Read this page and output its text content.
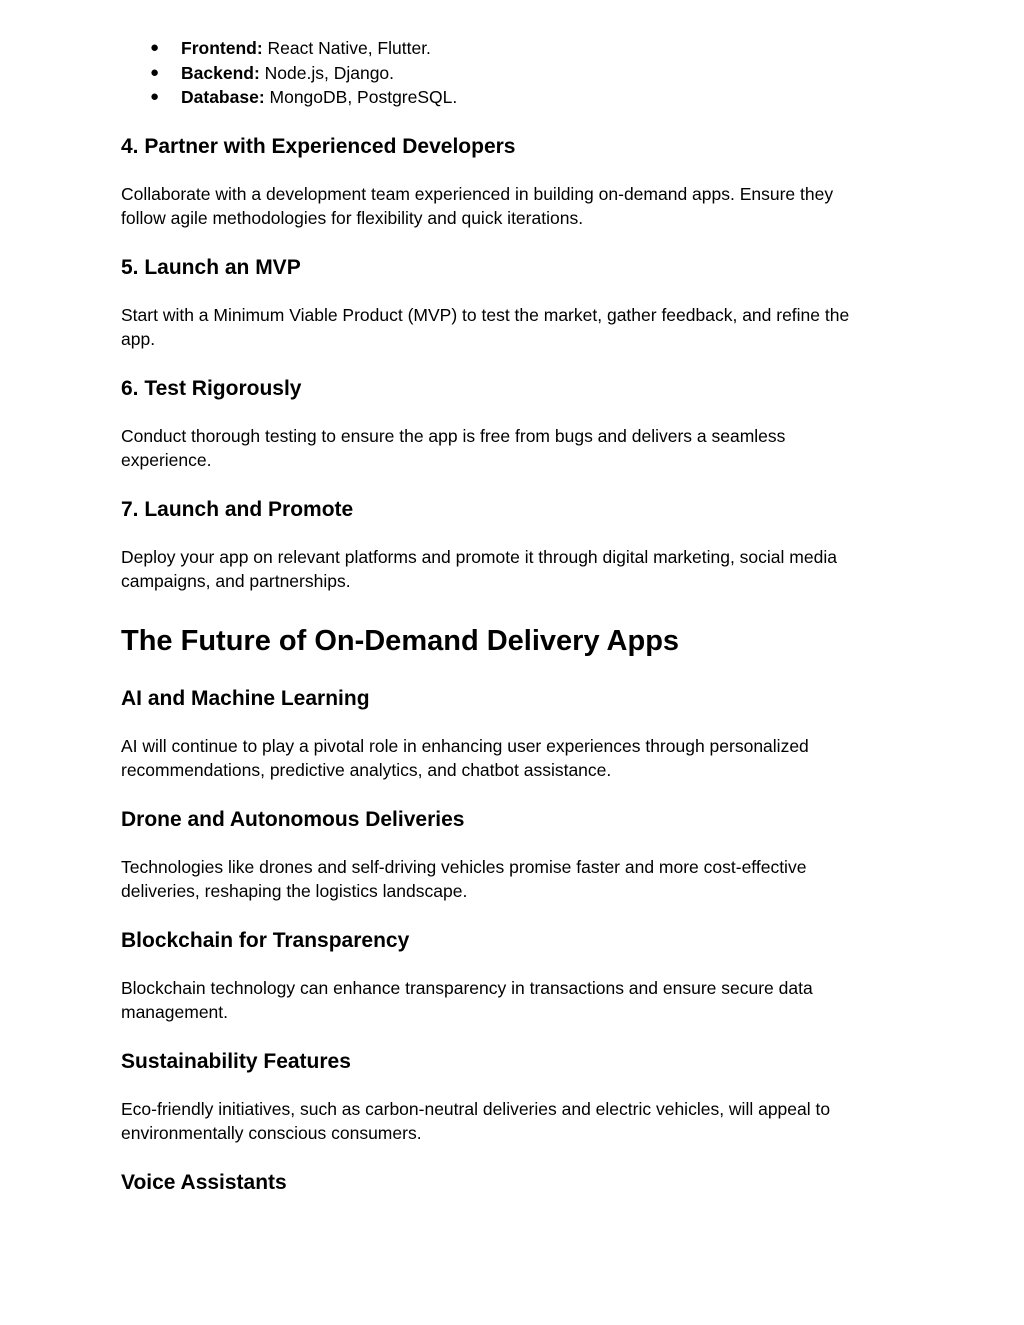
● Frontend: React Native, Flutter.
● Backend: Node.js, Django.
● Database: MongoDB, PostgreSQL.
4. Partner with Experienced Developers

Collaborate with a development team experienced in building on-demand apps. Ensure they
follow agile methodologies for flexibility and quick iterations.

5. Launch an MVP

Start with a Minimum Viable Product (MVP) to test the market, gather feedback, and refine the
app.

6. Test Rigorously

Conduct thorough testing to ensure the app is free from bugs and delivers a seamless
experience.

7. Launch and Promote

Deploy your app on relevant platforms and promote it through digital marketing, social media
campaigns, and partnerships.

The Future of On-Demand Delivery Apps
AI and Machine Learning

AI will continue to play a pivotal role in enhancing user experiences through personalized
recommendations, predictive analytics, and chatbot assistance.

Drone and Autonomous Deliveries

Technologies like drones and self-driving vehicles promise faster and more cost-effective
deliveries, reshaping the logistics landscape.

Blockchain for Transparency

Blockchain technology can enhance transparency in transactions and ensure secure data
management.

Sustainability Features

Eco-friendly initiatives, such as carbon-neutral deliveries and electric vehicles, will appeal to
environmentally conscious consumers.

Voice Assistants
